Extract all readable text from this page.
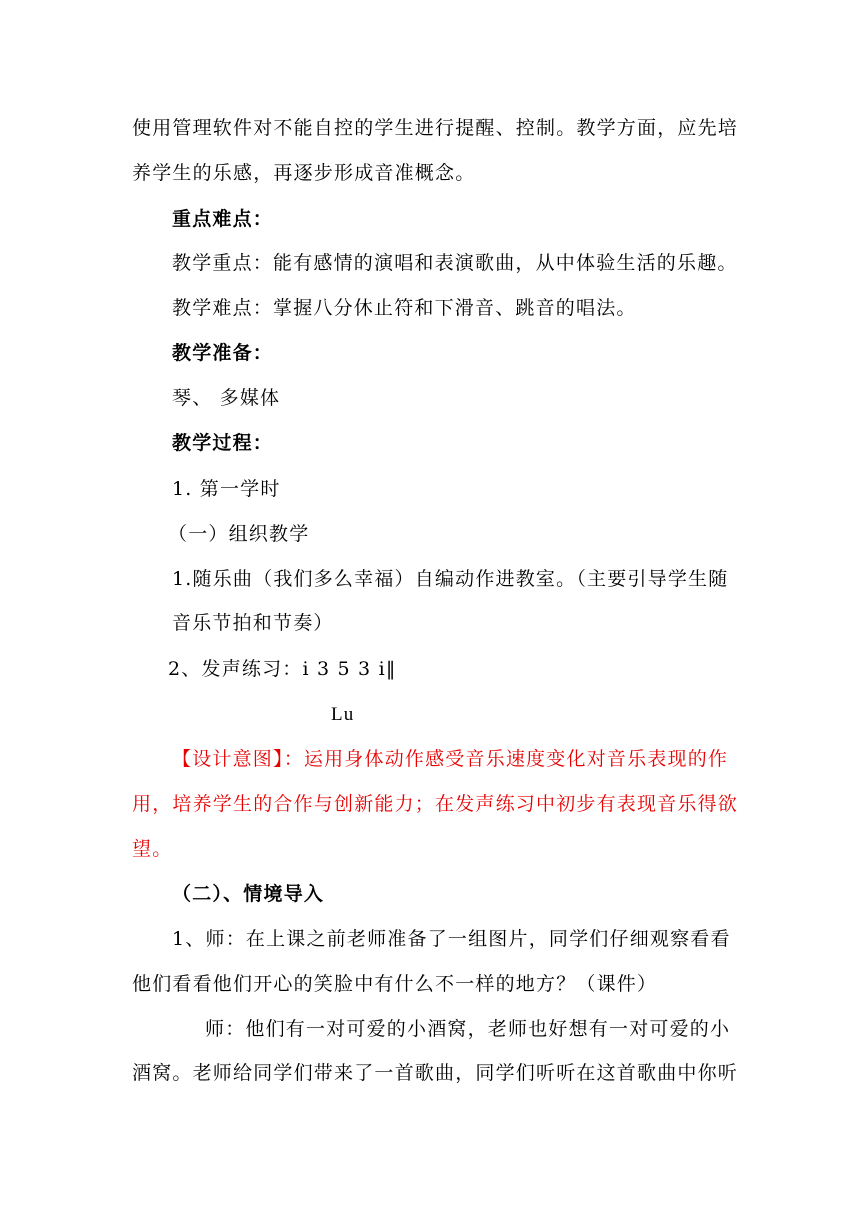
使用管理软件对不能自控的学生进行提醒、控制。教学方面，应先培
养学生的乐感，再逐步形成音准概念。
重点难点：
教学重点：能有感情的演唱和表演歌曲，从中体验生活的乐趣。
教学难点：掌握八分休止符和下滑音、跳音的唱法。
教学准备：
琴、 多媒体
教学过程：
1. 第一学时
（一）组织教学
1.随乐曲（我们多么幸福）自编动作进教室。（主要引导学生随
音乐节拍和节奏）
2、发声练习：i 3 5 3 i‖
Lu
【设计意图】：运用身体动作感受音乐速度变化对音乐表现的作
用，培养学生的合作与创新能力；在发声练习中初步有表现音乐得欲
望。
（二）、情境导入
1、师：在上课之前老师准备了一组图片，同学们仔细观察看看
他们看看他们开心的笑脸中有什么不一样的地方？（课件）
师：他们有一对可爱的小酒窝，老师也好想有一对可爱的小
酒窝。老师给同学们带来了一首歌曲，同学们听听在这首歌曲中你听
